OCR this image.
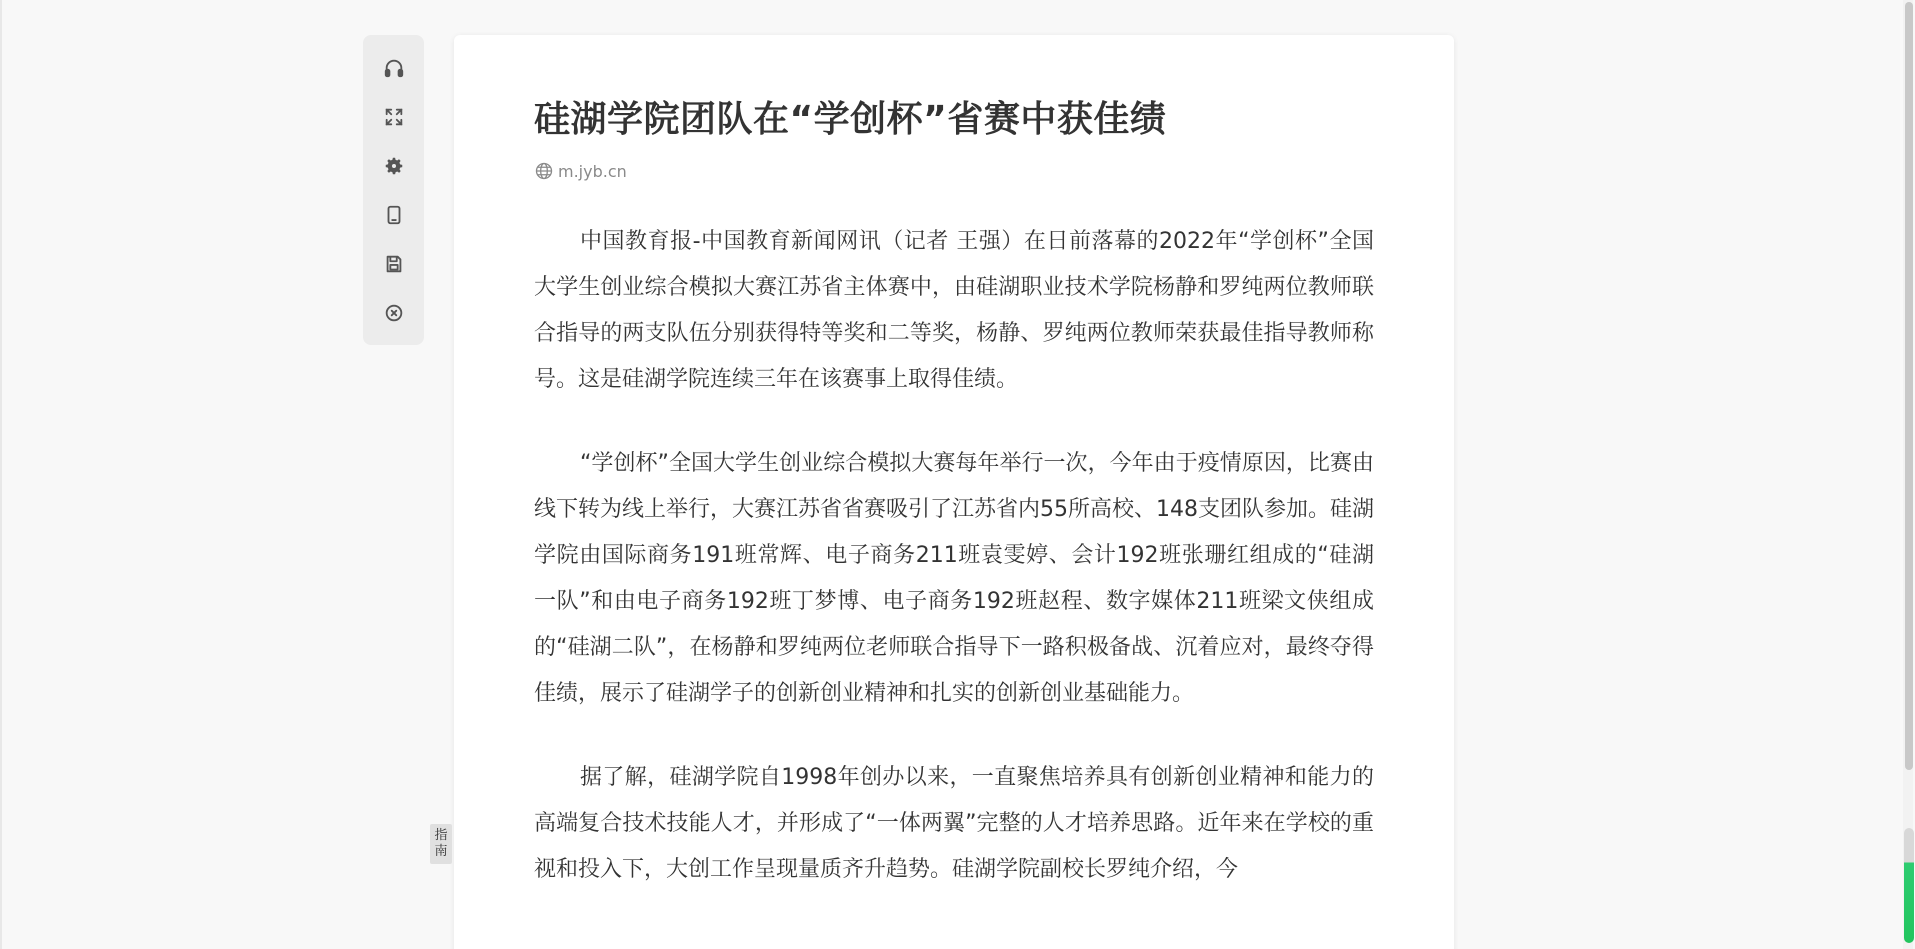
硅湖学院团队在“学创杯”省赛中获佳绩
m.jyb.cn

中国教育报-中国教育新闻网讯（记者 王强）在日前落幕的2022年“学创杯”全国大学生创业综合模拟大赛江苏省主体赛中，由硅湖职业技术学院杨静和罗纯两位教师联合指导的两支队伍分别获得特等奖和二等奖，杨静、罗纯两位教师荣获最佳指导教师称号。这是硅湖学院连续三年在该赛事上取得佳绩。

“学创杯”全国大学生创业综合模拟大赛每年举行一次，今年由于疫情原因，比赛由线下转为线上举行，大赛江苏省省赛吸引了江苏省内55所高校、148支团队参加。硅湖学院由国际商务191班常辉、电子商务211班袁雯婷、会计192班张珊红组成的“硅湖一队”和由电子商务192班丁梦博、电子商务192班赵程、数字媒体211班梁文侠组成的“硅湖二队”，在杨静和罗纯两位老师联合指导下一路积极备战、沉着应对，最终夺得佳绩，展示了硅湖学子的创新创业精神和扎实的创新创业基础能力。

据了解，硅湖学院自1998年创办以来，一直聚焦培养具有创新创业精神和能力的高端复合技术技能人才，并形成了“一体两翼”完整的人才培养思路。近年来在学校的重视和投入下，大创工作呈现量质齐升趋势。硅湖学院副校长罗纯介绍，今

指
南
